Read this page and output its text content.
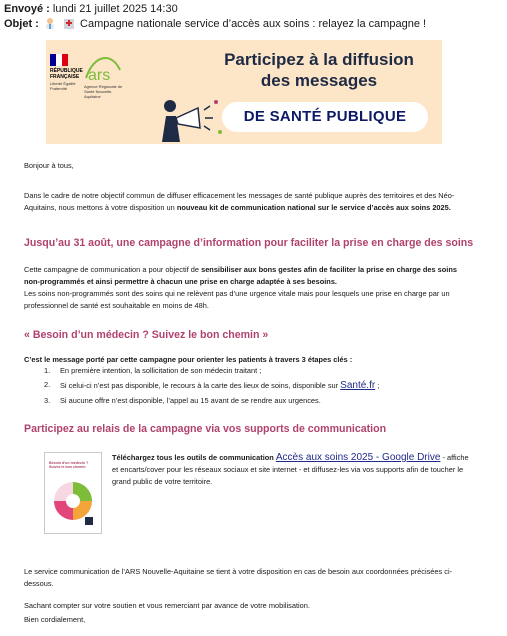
Envoyé : lundi 21 juillet 2025 14:30
Objet :	Campagne nationale service d’accès aux soins : relayez la campagne !
RÉPUBLIQUE FRANÇAISE
Liberté Égalité Fraternité
ars
Agence Régionale de Santé Nouvelle-Aquitaine
Participez à la diffusion
des messages
DE SANTÉ PUBLIQUE
Bonjour à tous,
Dans le cadre de notre objectif commun de diffuser efficacement les messages de santé publique auprès des territoires et des Néo-Aquitains, nous mettons à votre disposition un nouveau kit de communication national sur le service d’accès aux soins 2025.
Jusqu’au 31 août, une campagne d’information pour faciliter la prise en charge des soins
Cette campagne de communication a pour objectif de sensibiliser aux bons gestes afin de faciliter la prise en charge des soins non-programmés et ainsi permettre à chacun une prise en charge adaptée à ses besoins.
Les soins non-programmés sont des soins qui ne relèvent pas d’une urgence vitale mais pour lesquels une prise en charge par un professionnel de santé est souhaitable en moins de 48h.
« Besoin d’un médecin ? Suivez le bon chemin »
C’est le message porté par cette campagne pour orienter les patients à travers 3 étapes clés :
1. En première intention, la sollicitation de son médecin traitant ;
2. Si celui-ci n’est pas disponible, le recours à la carte des lieux de soins, disponible sur Santé.fr ;
3. Si aucune offre n’est disponible, l’appel au 15 avant de se rendre aux urgences.
Participez au relais de la campagne via vos supports de communication
Besoin d’un médecin ? Suivez le bon chemin
Téléchargez tous les outils de communication Accès aux soins 2025 - Google Drive - affiche et encarts/cover pour les réseaux sociaux et site internet - et diffusez-les via vos supports afin de toucher le grand public de votre territoire.
Le service communication de l’ARS Nouvelle-Aquitaine se tient à votre disposition en cas de besoin aux coordonnées précisées ci-dessous.
Sachant compter sur votre soutien et vous remerciant par avance de votre mobilisation.
Bien cordialement,
